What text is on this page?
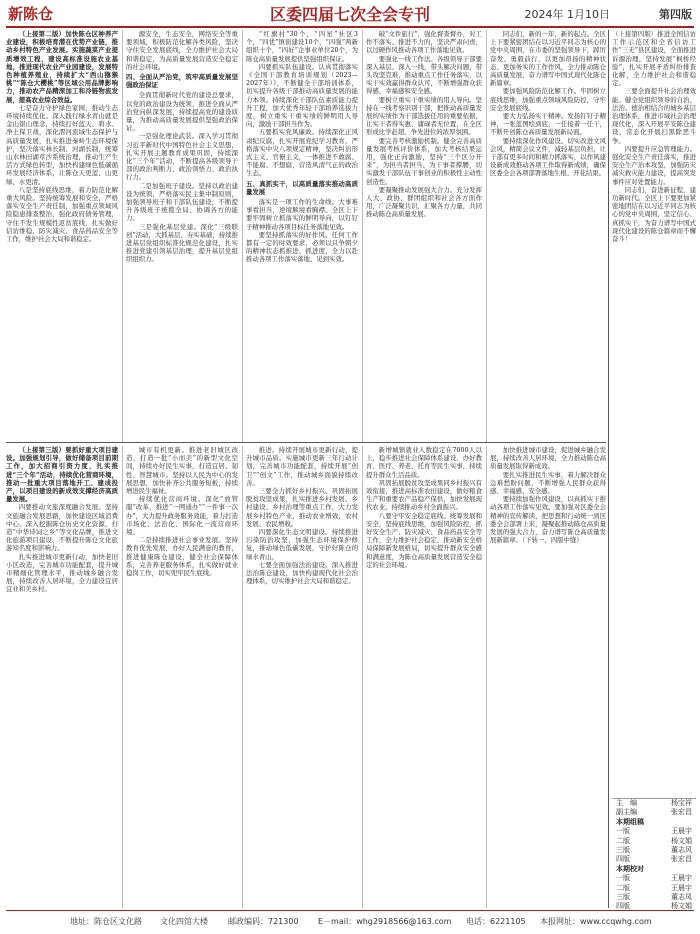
新陈仓	区委四届七次全会专刊	2024年 1月10日	第四版

（上接第二版）加快陈仓区种养产业建设，积极培育潜在优势产业链，推动乡村特色产业发展。实施蔬菜产业提质增效工程，建设高标准设施农业基地，推进现代农业产业园建设，发展特色种植养殖业，持续扩大“西山猕猴桃”“陈仓大樱桃”等区域公用品牌影响力，推动农产品精深加工和冷链物流发展，提高农业综合效益。

七是奋力守护绿色家园，推动生态环境持续优化。深入践行绿水青山就是金山银山理念，持续打好蓝天、碧水、净土保卫战，深化渭河流域生态保护与高质量发展，扎实推进秦岭生态环境保护，坚决落实林长制、河湖长制，统筹山水林田湖草沙系统治理，推动生产生活方式绿色转型，加快构建绿色低碳循环发展经济体系，让陈仓天更蓝、山更绿、水更清。

八是坚持底线思维，着力防范化解重大风险。坚持统筹发展和安全，严格落实安全生产责任制，加强重点领域风险隐患排查整治，强化政府债务管理，守住不发生规模性返贫底线，扎实做好信访维稳、防灾减灾、食品药品安全等工作，维护社会大局和谐稳定。

源安全，生态安全，网络安全等重要领域，积极防范化解各类风险，坚决守住安全发展底线，全力维护社会大局和谐稳定，为高质量发展营造安全稳定的社会环境。

四、全面从严治党，筑牢高质量发展坚强政治保证

全面贯彻新时代党的建设总要求，以党的政治建设为统领，推进全面从严治党向纵深发展，持续提高党的建设质量，为推动高质量发展提供坚强政治保证。

一是强化理论武装。深入学习贯彻习近平新时代中国特色社会主义思想，扎实开展主题教育成果巩固，持续深化“三个年”活动，不断提高各级领导干部的政治判断力、政治领悟力、政治执行力。

二是加强班子建设。坚持以政治建设为统领，严格落实民主集中制原则，加强领导班子和干部队伍建设，不断提升各级班子统揽全局、协调各方的能力。

三是强化基层党建。深化“三级联创”活动，大抓基层、夯实基础，持续推进基层党组织标准化规范化建设，扎实推进党建引领基层治理，提升基层党组织组织力。

“红旗村”30个，“四星”社区3个，“四优”镇街建设10个，“四强”两新组织十个，“四好”企事业单位20个，为陈仓高质量发展提供坚强组织保证。

四要抓实队伍建设。认真贯彻落实《全国干部教育培训规划（2023—2027年）》，不断健全干部培训体系，切实提升各级干部推动高质量发展的能力本领。持续深化干部队伍素质能力提升工程，加大优秀年轻干部培养选拔力度，树立重实干重实绩的鲜明用人导向，激励干部担当作为。

五要抓实党风廉政。持续深化正风肃纪反腐，扎实开展党纪学习教育，严格落实中央八项规定精神，坚决纠治形式主义、官僚主义，一体推进不敢腐、不能腐、不想腐，营造风清气正的政治生态。

五、真抓实干，以高质量落实推动高质量发展

落实是一项工作的生命线。大事难事看担当，逆境顺境看胸襟。全区上下要牢固树立抓落实的鲜明导向，以钉钉子精神推动各项目标任务落地见效。

要坚持抓落实的好作风。任何工作都有一定的时效要求，必须以只争朝夕的精神状态抓推进、抓进度，全力以赴推动各项工作落实落地、见到实效。

破“文件旅行”，强化督查督办，对工作不落实、推进不力的，坚决严肃问责，以过硬作风推动各项工作落地见效。

要强化一线工作法。各级领导干部要深入基层、深入一线，带头解决问题，带头攻坚克难，推动重点工作任务落实，以实干实效赢得群众认可，不断增强群众获得感、幸福感和安全感。

要树立重实干重实绩的用人导向。坚持在一线考察识别干部，把推动高质量发展的实绩作为干部选拔任用的重要依据，让实干者得实惠、庸碌者无位置，在全区形成比学赶超、争先进位的浓厚氛围。

要完善考核激励机制。健全完善高质量发展考核评价体系，加大考核结果运用，强化正向激励，坚持“三个区分开来”，为担当者担当、为干事者撑腰，切实激发干部队伍干事创业的积极性主动性创造性。

要凝聚推动发展强大合力。充分发挥人大、政协、群团组织和社会各方面作用，广泛凝聚共识，汇聚各方力量，共同推动陈仓高质量发展。

同志们，新的一年，新的起点。全区上下要紧密团结在以习近平同志为核心的党中央周围，在市委的坚强领导下，踔厉奋发、勇毅前行，以更加昂扬的精神状态、更加务实的工作作风，全力推动陈仓高质量发展，奋力谱写中国式现代化陈仓新篇章。

要加强风险防范化解工作。牢固树立底线思维，加强重点领域风险防控，守牢安全发展底线。

要大力弘扬实干精神。发扬钉钉子精神，一张蓝图绘到底，一任接着一任干，不断开创陈仓高质量发展新局面。

要持续深化作风建设。切实改进文风会风，精简会议文件，减轻基层负担，让干部有更多时间和精力抓落实，以作风建设新成效推动各项工作取得新成绩，确保区委全会各项部署落地生根、开花结果。

（上接第三版）要抓好重大项目建设。加强规划引导，做好储备项目前期工作，加大招商引资力度，扎实推进“三个年”活动，持续优化营商环境，推动一批重大项目落地开工、建成投产，以项目建设的新成效支撑经济高质量发展。

四要推动文旅深度融合发展。坚持文旅融合发展思路，加快建设区域消费中心。深入挖掘陈仓历史文化资源，打造“中华诗词之乡”等文化品牌，推进文化旅游项目建设，不断提升陈仓文化旅游知名度和影响力。

扎实推进城市更新行动，加快老旧小区改造，完善城市功能配套，提升城市精细化管理水平，推动城乡融合发展，持续改善人居环境，全力建设宜居宜业和美乡村。

城市有机更新。推进老旧城区改造，打造一批“小而美”的新型文化空间，持续办好民生实事，打造宜居、韧性、智慧城市。坚持以人民为中心的发展思想，加快补齐公共服务短板，持续增进民生福祉。

持续优化营商环境。深化“放管服”改革，推进“一网通办”“一件事一次办”，大力提升政务服务效能，着力打造市场化、法治化、国际化一流营商环境。

二是持续推进社会事业发展。坚持教育优先发展，办好人民满意的教育，推进健康陈仓建设，健全社会保障体系，完善养老服务体系，扎实做好就业稳岗工作，切实兜牢民生底线。

推进。持续开展城市更新行动，提升城市品质。实施城市更新三年行动计划，完善城市功能配套，持续开展“创卫”“创文”工作，推动城乡面貌持续改善。

三要全力抓好乡村振兴。巩固拓展脱贫攻坚成果，扎实推进乡村发展、乡村建设、乡村治理等重点工作，大力发展乡村特色产业，推动农业增效、农村发展、农民增收。

四要深化生态文明建设。持续推进污染防治攻坚，加强生态环境保护修复，推动绿色低碳发展，守护好陈仓的绿水青山。

七要全面加强法治建设。深入推进法治陈仓建设，加快构建现代化社会治理体系，切实维护社会大局和谐稳定。

新增城镇就业人数稳定在7000人以上，稳步推进社会保障体系建设，办好教育、医疗、养老、托育等民生实事，持续提升群众生活品质。

巩固拓展脱贫攻坚成果同乡村振兴有效衔接，推进高标准农田建设，做好粮食生产和重要农产品稳产保供，加快发展现代农业，持续推动乡村全面振兴。

八要守牢安全稳定底线。统筹发展和安全，坚持底线思维，加强风险防控，抓好安全生产、防灾减灾、食品药品安全等工作，全力维护社会稳定，推动新安全格局保障新发展格局，切实提升群众安全感和满意度，为陈仓高质量发展营造安全稳定的社会环境。

加快推进城市建设，促进城乡融合发展，持续改善人居环境，全力推动陈仓高质量发展取得新成效。

要扎实推进民生实事，着力解决群众急难愁盼问题，不断增强人民群众获得感、幸福感、安全感。

要持续加强作风建设，以真抓实干推动各项工作落实见效。要加强对区委全会精神的宣传解读，把思想和行动统一到区委全会部署上来，凝聚起推动陈仓高质量发展的强大合力，奋力谱写陈仓高质量发展新篇章。（下转一、四版中缝）

（上接第四版）推进全国信访工作示范区和全省信访工作“三无”县区建设，全面推进诉源治理，坚持发展“枫桥经验”，扎实开展矛盾纠纷排查化解，全力维护社会和谐稳定。

三要全面提升社会治理效能。健全党组织领导的自治、法治、德治相结合的城乡基层治理体系，推进市域社会治理现代化，深入开展平安陈仓建设，常态化开展扫黑除恶斗争。

四要提升应急管理能力。强化安全生产责任落实，推进安全生产治本攻坚，加强防灾减灾救灾能力建设，提高突发事件应对处置能力。

同志们，奋进新征程，建功新时代。全区上下要更加紧密地团结在以习近平同志为核心的党中央周围，坚定信心、真抓实干，为奋力谱写中国式现代化建设的陈仓篇章而不懈奋斗！

主　编	杨宝祥
副主编	张宏昌
本期组稿
一版	王晨宇
二版	杨文娟
三版	董志风
四版	张宏昌
本期校对
一版	王晨宇
二版	王晨宇
三版	董志凤
四版	杨文娟
地址：陈仓区文化路 文化四馆大楼	邮政编码：721300 E－mail：whg2918566@163.com 电话：6221105 本报网址：www.ccqwhg.com
